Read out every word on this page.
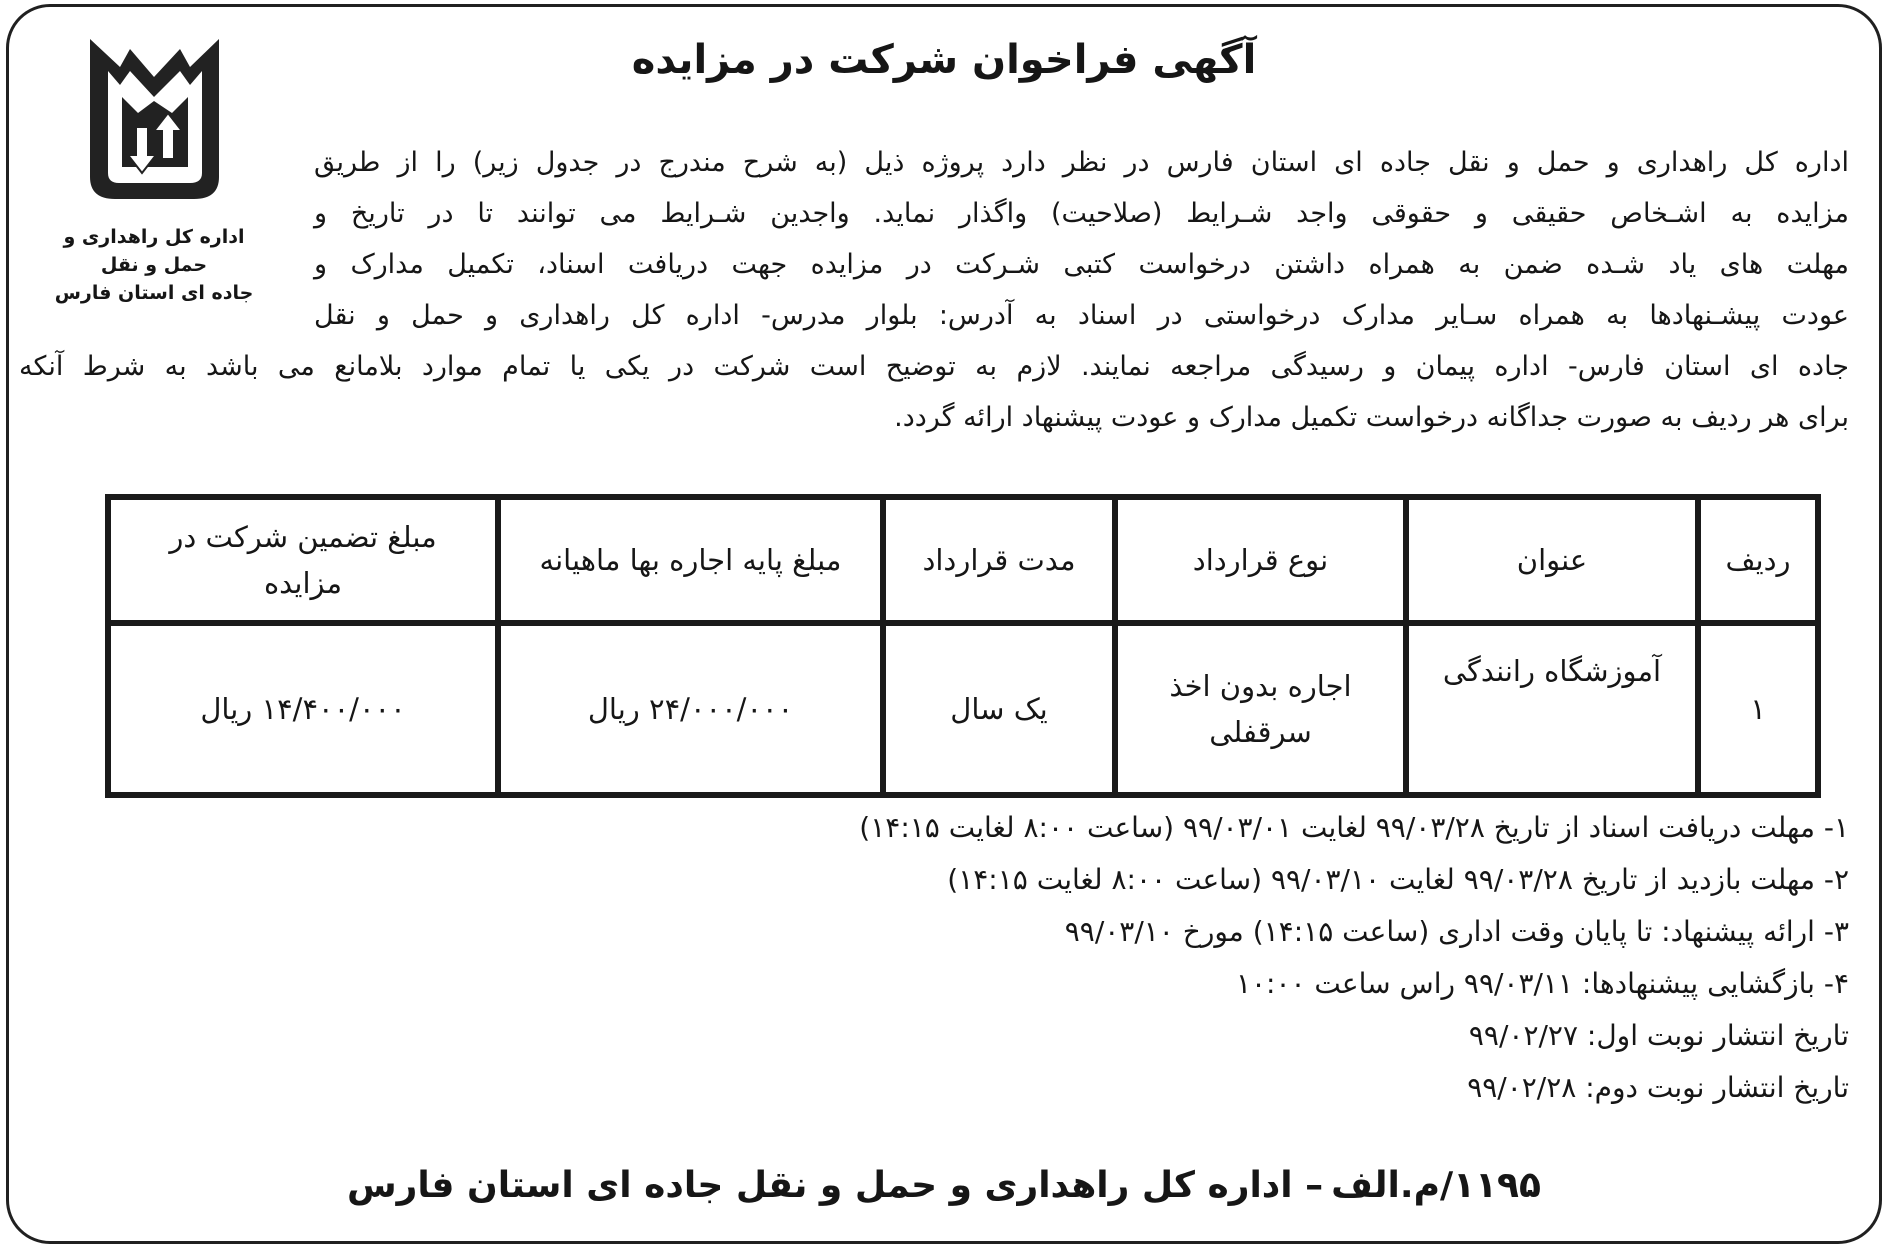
آگهی فراخوان شرکت در مزایده
اداره کل راهداری و حمل و نقل
جاده ای استان فارس
اداره کل راهداری و حمل و نقل جاده ای استان فارس در نظر دارد پروژه ذیل (به شرح مندرج در جدول زیر) را از طریق
مزایده به اشـخاص حقیقی و حقوقی واجد شـرایط (صلاحیت) واگذار نماید. واجدین شـرایط می توانند تا در تاریخ و
مهلت های یاد شـده ضمن به همراه داشتن درخواست کتبی شـرکت در مزایده جهت دریافت اسناد، تکمیل مدارک و
عودت پیشـنهادها به همراه سـایر مدارک درخواستی در اسناد به آدرس: بلوار مدرس- اداره کل راهداری و حمل و نقل
جاده ای استان فارس- اداره پیمان و رسیدگی مراجعه نمایند. لازم به توضیح است شرکت در یکی یا تمام موارد بلامانع می باشد به شرط آنکه
برای هر ردیف به صورت جداگانه درخواست تکمیل مدارک و عودت پیشنهاد ارائه گردد.
ردیف	عنوان	نوع قرارداد	مدت قرارداد	مبلغ پایه اجاره بها ماهیانه	مبلغ تضمین شرکت در
مزایده

۱	آموزشگاه رانندگی	اجاره بدون اخذ
سرقفلی	یک سال	۲۴/۰۰۰/۰۰۰ ریال	۱۴/۴۰۰/۰۰۰ ریال
۱- مهلت دریافت اسناد از تاریخ ۹۹/۰۳/۲۸ لغایت ۹۹/۰۳/۰۱ (ساعت ۸:۰۰ لغایت ۱۴:۱۵)
۲- مهلت بازدید از تاریخ ۹۹/۰۳/۲۸ لغایت ۹۹/۰۳/۱۰ (ساعت ۸:۰۰ لغایت ۱۴:۱۵)
۳- ارائه پیشنهاد: تا پایان وقت اداری (ساعت ۱۴:۱۵) مورخ ۹۹/۰۳/۱۰
۴- بازگشایی پیشنهادها: ۹۹/۰۳/۱۱ راس ساعت ۱۰:۰۰
تاریخ انتشار نوبت اول: ۹۹/۰۲/۲۷
تاریخ انتشار نوبت دوم: ۹۹/۰۲/۲۸
۱۱۹۵/م.الف– اداره کل راهداری و حمل و نقل جاده ای استان فارس
